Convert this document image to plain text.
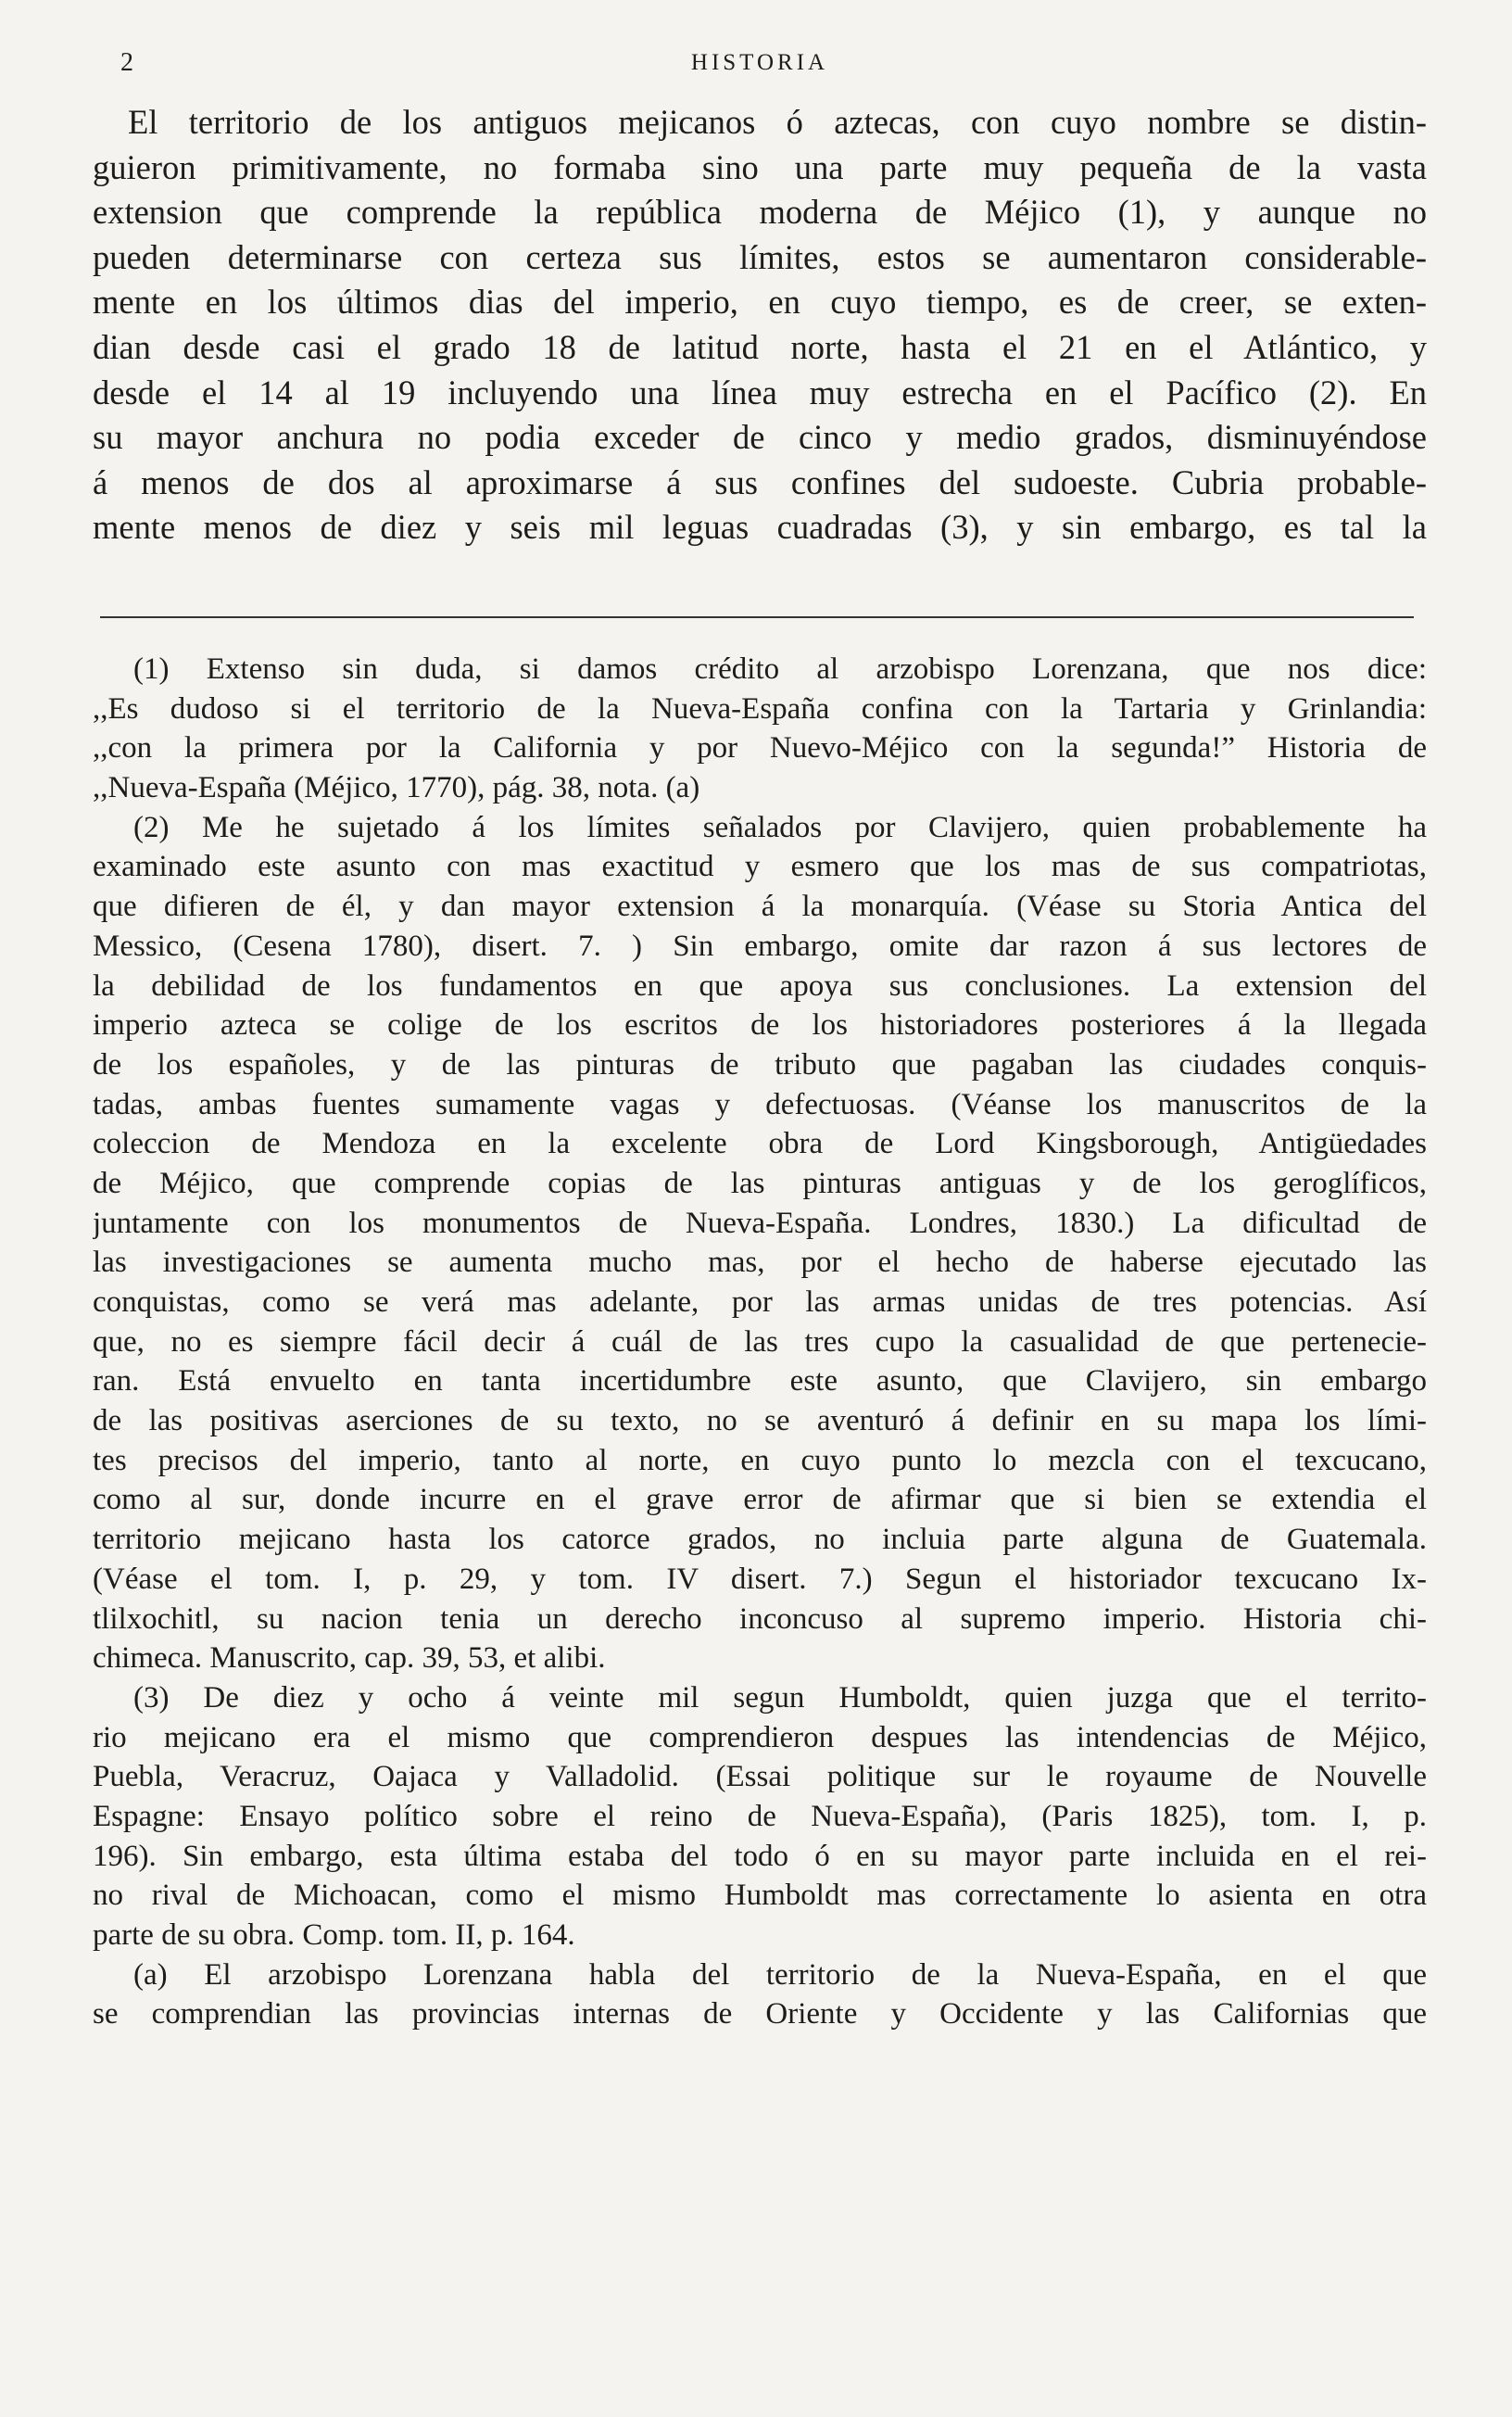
2	HISTORIA
El territorio de los antiguos mejicanos ó aztecas, con cuyo nombre se distin-
guieron primitivamente, no formaba sino una parte muy pequeña de la vasta
extension que comprende la república moderna de Méjico (1), y aunque no
pueden determinarse con certeza sus límites, estos se aumentaron considerable-
mente en los últimos dias del imperio, en cuyo tiempo, es de creer, se exten-
dian desde casi el grado 18 de latitud norte, hasta el 21 en el Atlántico, y
desde el 14 al 19 incluyendo una línea muy estrecha en el Pacífico (2). En
su mayor anchura no podia exceder de cinco y medio grados, disminuyéndose
á menos de dos al aproximarse á sus confines del sudoeste. Cubria probable-
mente menos de diez y seis mil leguas cuadradas (3), y sin embargo, es tal la
(1) Extenso sin duda, si damos crédito al arzobispo Lorenzana, que nos dice:
,,Es dudoso si el territorio de la Nueva-España confina con la Tartaria y Grinlandia:
,,con la primera por la California y por Nuevo-Méjico con la segunda!” Historia de
,,Nueva-España (Méjico, 1770), pág. 38, nota. (a)
(2) Me he sujetado á los límites señalados por Clavijero, quien probablemente ha
examinado este asunto con mas exactitud y esmero que los mas de sus compatriotas,
que difieren de él, y dan mayor extension á la monarquía. (Véase su Storia Antica del
Messico, (Cesena 1780), disert. 7. ) Sin embargo, omite dar razon á sus lectores de
la debilidad de los fundamentos en que apoya sus conclusiones. La extension del
imperio azteca se colige de los escritos de los historiadores posteriores á la llegada
de los españoles, y de las pinturas de tributo que pagaban las ciudades conquis-
tadas, ambas fuentes sumamente vagas y defectuosas. (Véanse los manuscritos de la
coleccion de Mendoza en la excelente obra de Lord Kingsborough, Antigüedades
de Méjico, que comprende copias de las pinturas antiguas y de los geroglíficos,
juntamente con los monumentos de Nueva-España. Londres, 1830.) La dificultad de
las investigaciones se aumenta mucho mas, por el hecho de haberse ejecutado las
conquistas, como se verá mas adelante, por las armas unidas de tres potencias. Así
que, no es siempre fácil decir á cuál de las tres cupo la casualidad de que pertenecie-
ran. Está envuelto en tanta incertidumbre este asunto, que Clavijero, sin embargo
de las positivas aserciones de su texto, no se aventuró á definir en su mapa los lími-
tes precisos del imperio, tanto al norte, en cuyo punto lo mezcla con el texcucano,
como al sur, donde incurre en el grave error de afirmar que si bien se extendia el
territorio mejicano hasta los catorce grados, no incluia parte alguna de Guatemala.
(Véase el tom. I, p. 29, y tom. IV disert. 7.) Segun el historiador texcucano Ix-
tlilxochitl, su nacion tenia un derecho inconcuso al supremo imperio. Historia chi-
chimeca. Manuscrito, cap. 39, 53, et alibi.
(3) De diez y ocho á veinte mil segun Humboldt, quien juzga que el territo-
rio mejicano era el mismo que comprendieron despues las intendencias de Méjico,
Puebla, Veracruz, Oajaca y Valladolid. (Essai politique sur le royaume de Nouvelle
Espagne: Ensayo político sobre el reino de Nueva-España), (Paris 1825), tom. I, p.
196). Sin embargo, esta última estaba del todo ó en su mayor parte incluida en el rei-
no rival de Michoacan, como el mismo Humboldt mas correctamente lo asienta en otra
parte de su obra. Comp. tom. II, p. 164.
(a) El arzobispo Lorenzana habla del territorio de la Nueva-España, en el que
se comprendian las provincias internas de Oriente y Occidente y las Californias que
